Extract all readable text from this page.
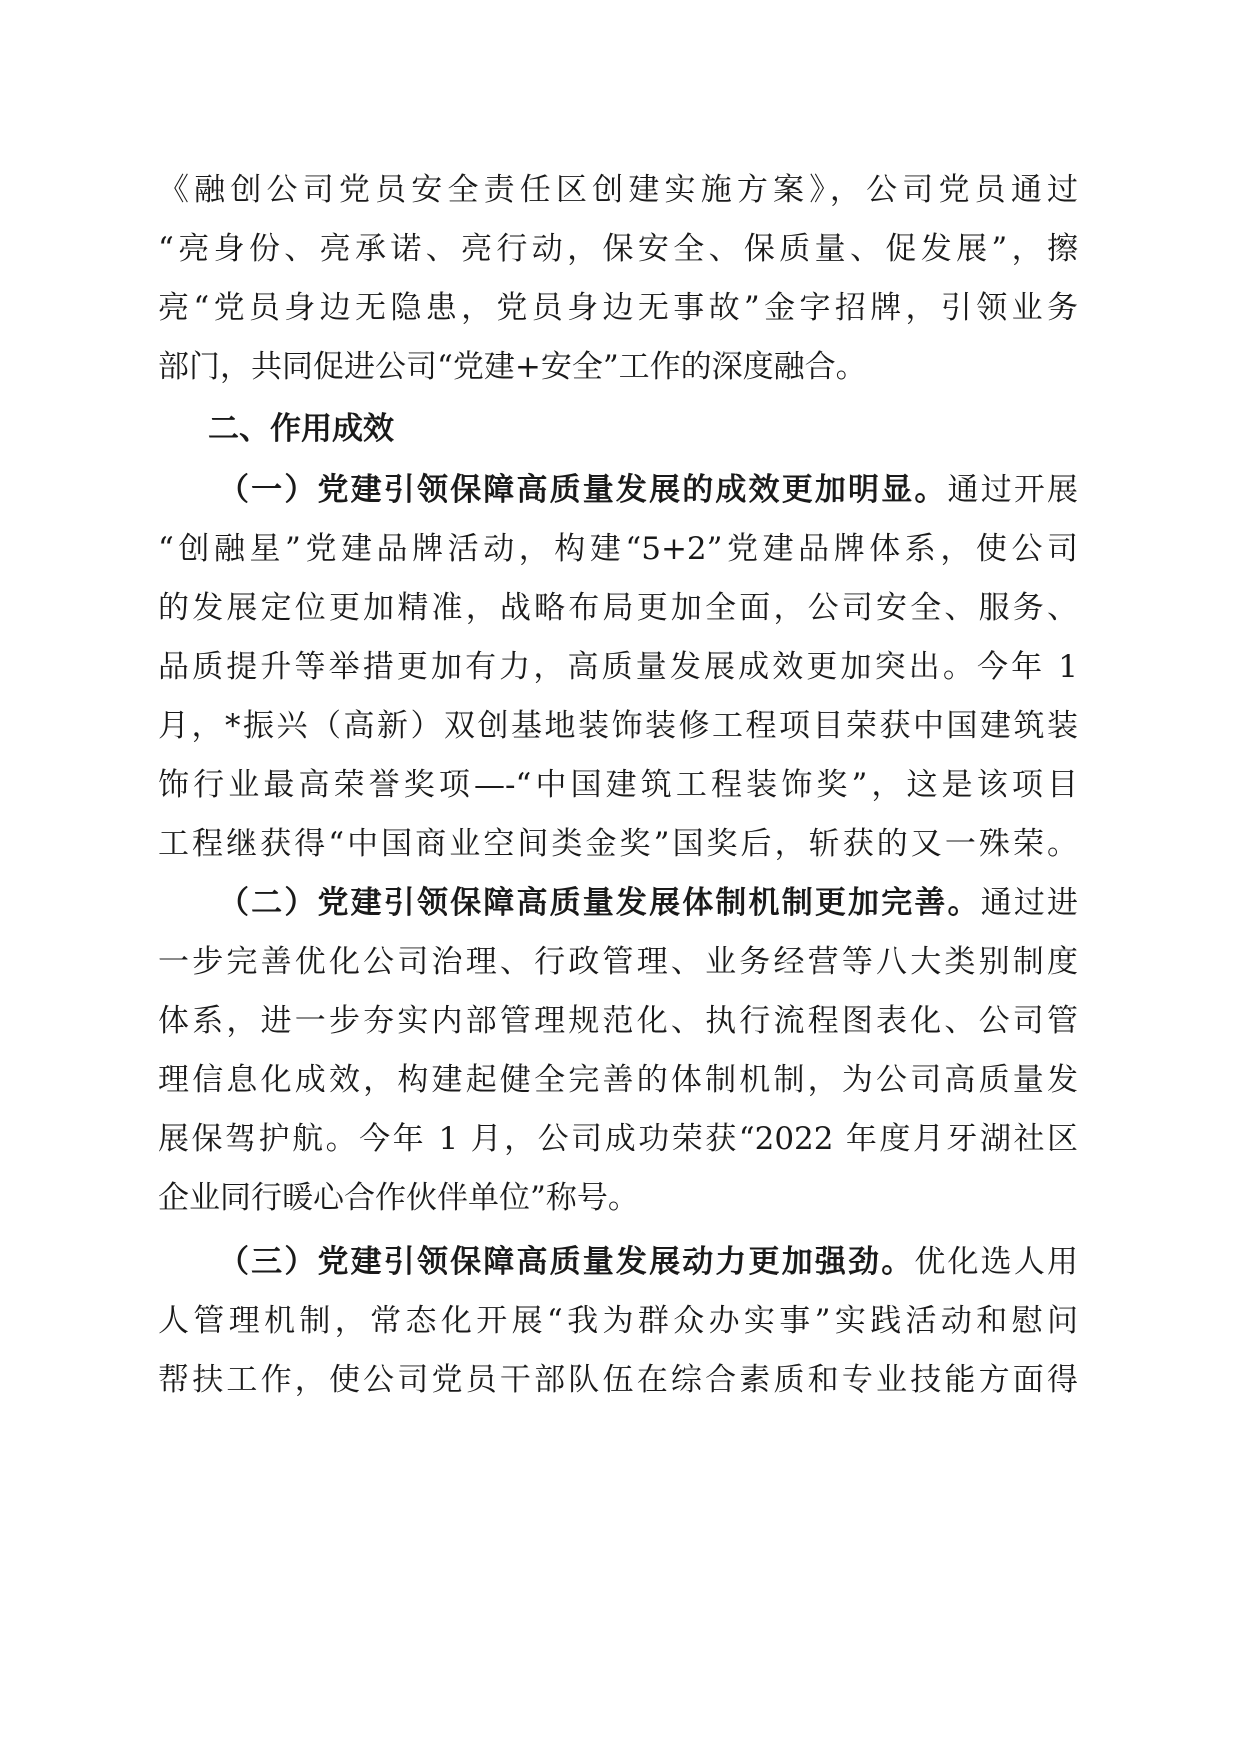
《融创公司党员安全责任区创建实施方案》，公司党员通过
“亮身份、亮承诺、亮行动，保安全、保质量、促发展”，擦
亮“党员身边无隐患，党员身边无事故”金字招牌，引领业务
部门，共同促进公司“党建+安全”工作的深度融合。
二、作用成效
（一）党建引领保障高质量发展的成效更加明显。通过开展
“创融星”党建品牌活动，构建“5+2”党建品牌体系，使公司
的发展定位更加精准，战略布局更加全面，公司安全、服务、
品质提升等举措更加有力，高质量发展成效更加突出。今年 1
月，*振兴（高新）双创基地装饰装修工程项目荣获中国建筑装
饰行业最高荣誉奖项—-“中国建筑工程装饰奖”，这是该项目
工程继获得“中国商业空间类金奖”国奖后，斩获的又一殊荣。
（二）党建引领保障高质量发展体制机制更加完善。通过进
一步完善优化公司治理、行政管理、业务经营等八大类别制度
体系，进一步夯实内部管理规范化、执行流程图表化、公司管
理信息化成效，构建起健全完善的体制机制，为公司高质量发
展保驾护航。今年 1 月，公司成功荣获“2022 年度月牙湖社区
企业同行暖心合作伙伴单位”称号。
（三）党建引领保障高质量发展动力更加强劲。优化选人用
人管理机制，常态化开展“我为群众办实事”实践活动和慰问
帮扶工作，使公司党员干部队伍在综合素质和专业技能方面得
